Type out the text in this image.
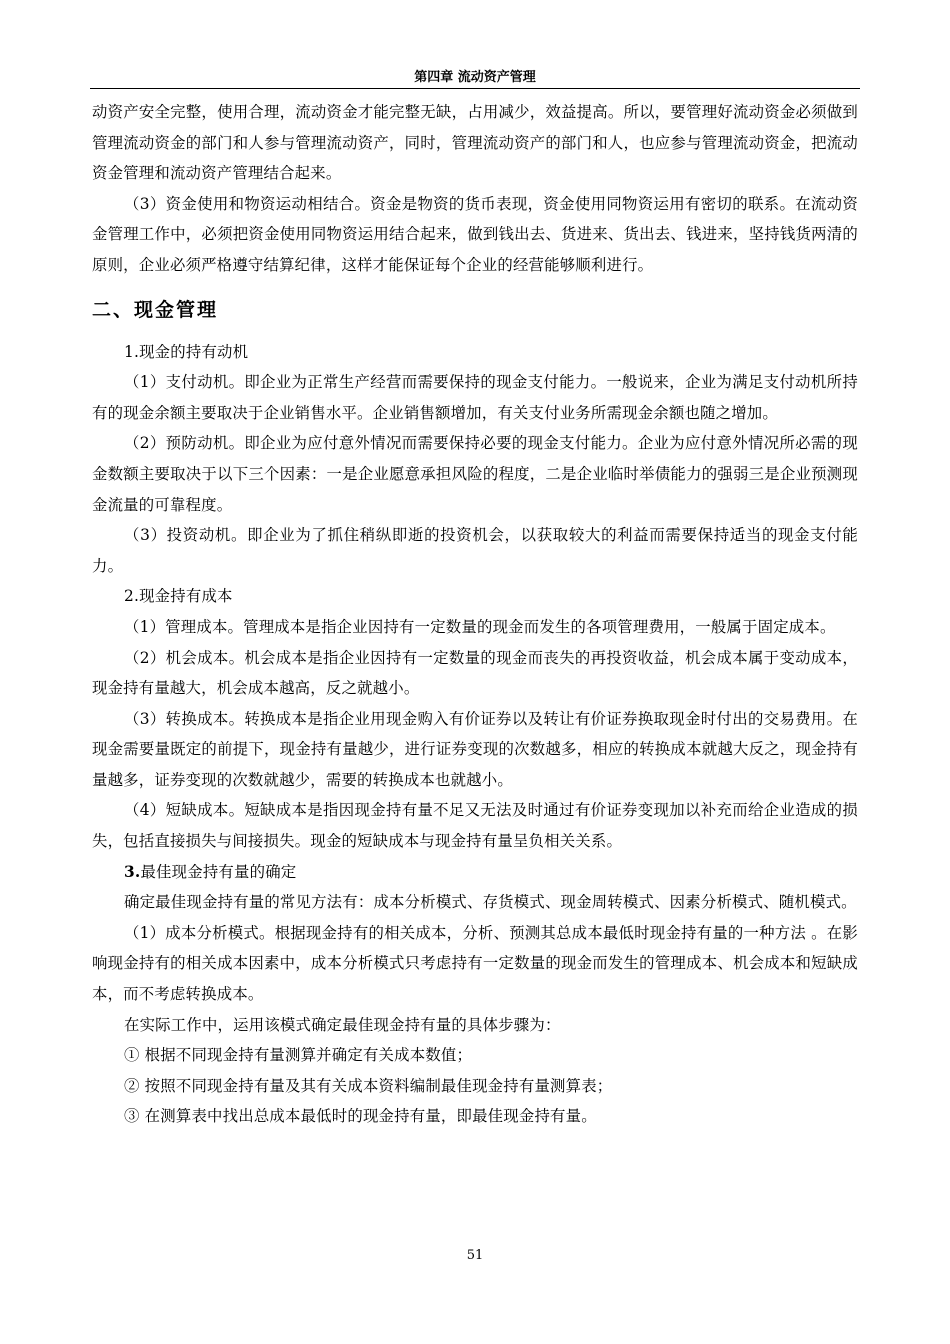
第四章 流动资产管理

动资产安全完整，使用合理，流动资金才能完整无缺，占用减少，效益提高。所以，要管理好流动资金必须做到管理流动资金的部门和人参与管理流动资产，同时，管理流动资产的部门和人，也应参与管理流动资金，把流动资金管理和流动资产管理结合起来。

（3）资金使用和物资运动相结合。资金是物资的货币表现，资金使用同物资运用有密切的联系。在流动资金管理工作中，必须把资金使用同物资运用结合起来，做到钱出去、货进来、货出去、钱进来，坚持钱货两清的原则，企业必须严格遵守结算纪律，这样才能保证每个企业的经营能够顺利进行。

二、现金管理

1.现金的持有动机

（1）支付动机。即企业为正常生产经营而需要保持的现金支付能力。一般说来，企业为满足支付动机所持有的现金余额主要取决于企业销售水平。企业销售额增加，有关支付业务所需现金余额也随之增加。

（2）预防动机。即企业为应付意外情况而需要保持必要的现金支付能力。企业为应付意外情况所必需的现金数额主要取决于以下三个因素：一是企业愿意承担风险的程度，二是企业临时举债能力的强弱三是企业预测现金流量的可靠程度。

（3）投资动机。即企业为了抓住稍纵即逝的投资机会，以获取较大的利益而需要保持适当的现金支付能力。

2.现金持有成本

（1）管理成本。管理成本是指企业因持有一定数量的现金而发生的各项管理费用，一般属于固定成本。

（2）机会成本。机会成本是指企业因持有一定数量的现金而丧失的再投资收益，机会成本属于变动成本，现金持有量越大，机会成本越高，反之就越小。

（3）转换成本。转换成本是指企业用现金购入有价证券以及转让有价证券换取现金时付出的交易费用。在现金需要量既定的前提下，现金持有量越少，进行证券变现的次数越多，相应的转换成本就越大反之，现金持有量越多，证券变现的次数就越少，需要的转换成本也就越小。

（4）短缺成本。短缺成本是指因现金持有量不足又无法及时通过有价证券变现加以补充而给企业造成的损失，包括直接损失与间接损失。现金的短缺成本与现金持有量呈负相关关系。

3.最佳现金持有量的确定

确定最佳现金持有量的常见方法有：成本分析模式、存货模式、现金周转模式、因素分析模式、随机模式。

（1）成本分析模式。根据现金持有的相关成本，分析、预测其总成本最低时现金持有量的一种方法 。在影响现金持有的相关成本因素中，成本分析模式只考虑持有一定数量的现金而发生的管理成本、机会成本和短缺成本，而不考虑转换成本。

在实际工作中，运用该模式确定最佳现金持有量的具体步骤为：

① 根据不同现金持有量测算并确定有关成本数值；

② 按照不同现金持有量及其有关成本资料编制最佳现金持有量测算表；

③ 在测算表中找出总成本最低时的现金持有量，即最佳现金持有量。

51
